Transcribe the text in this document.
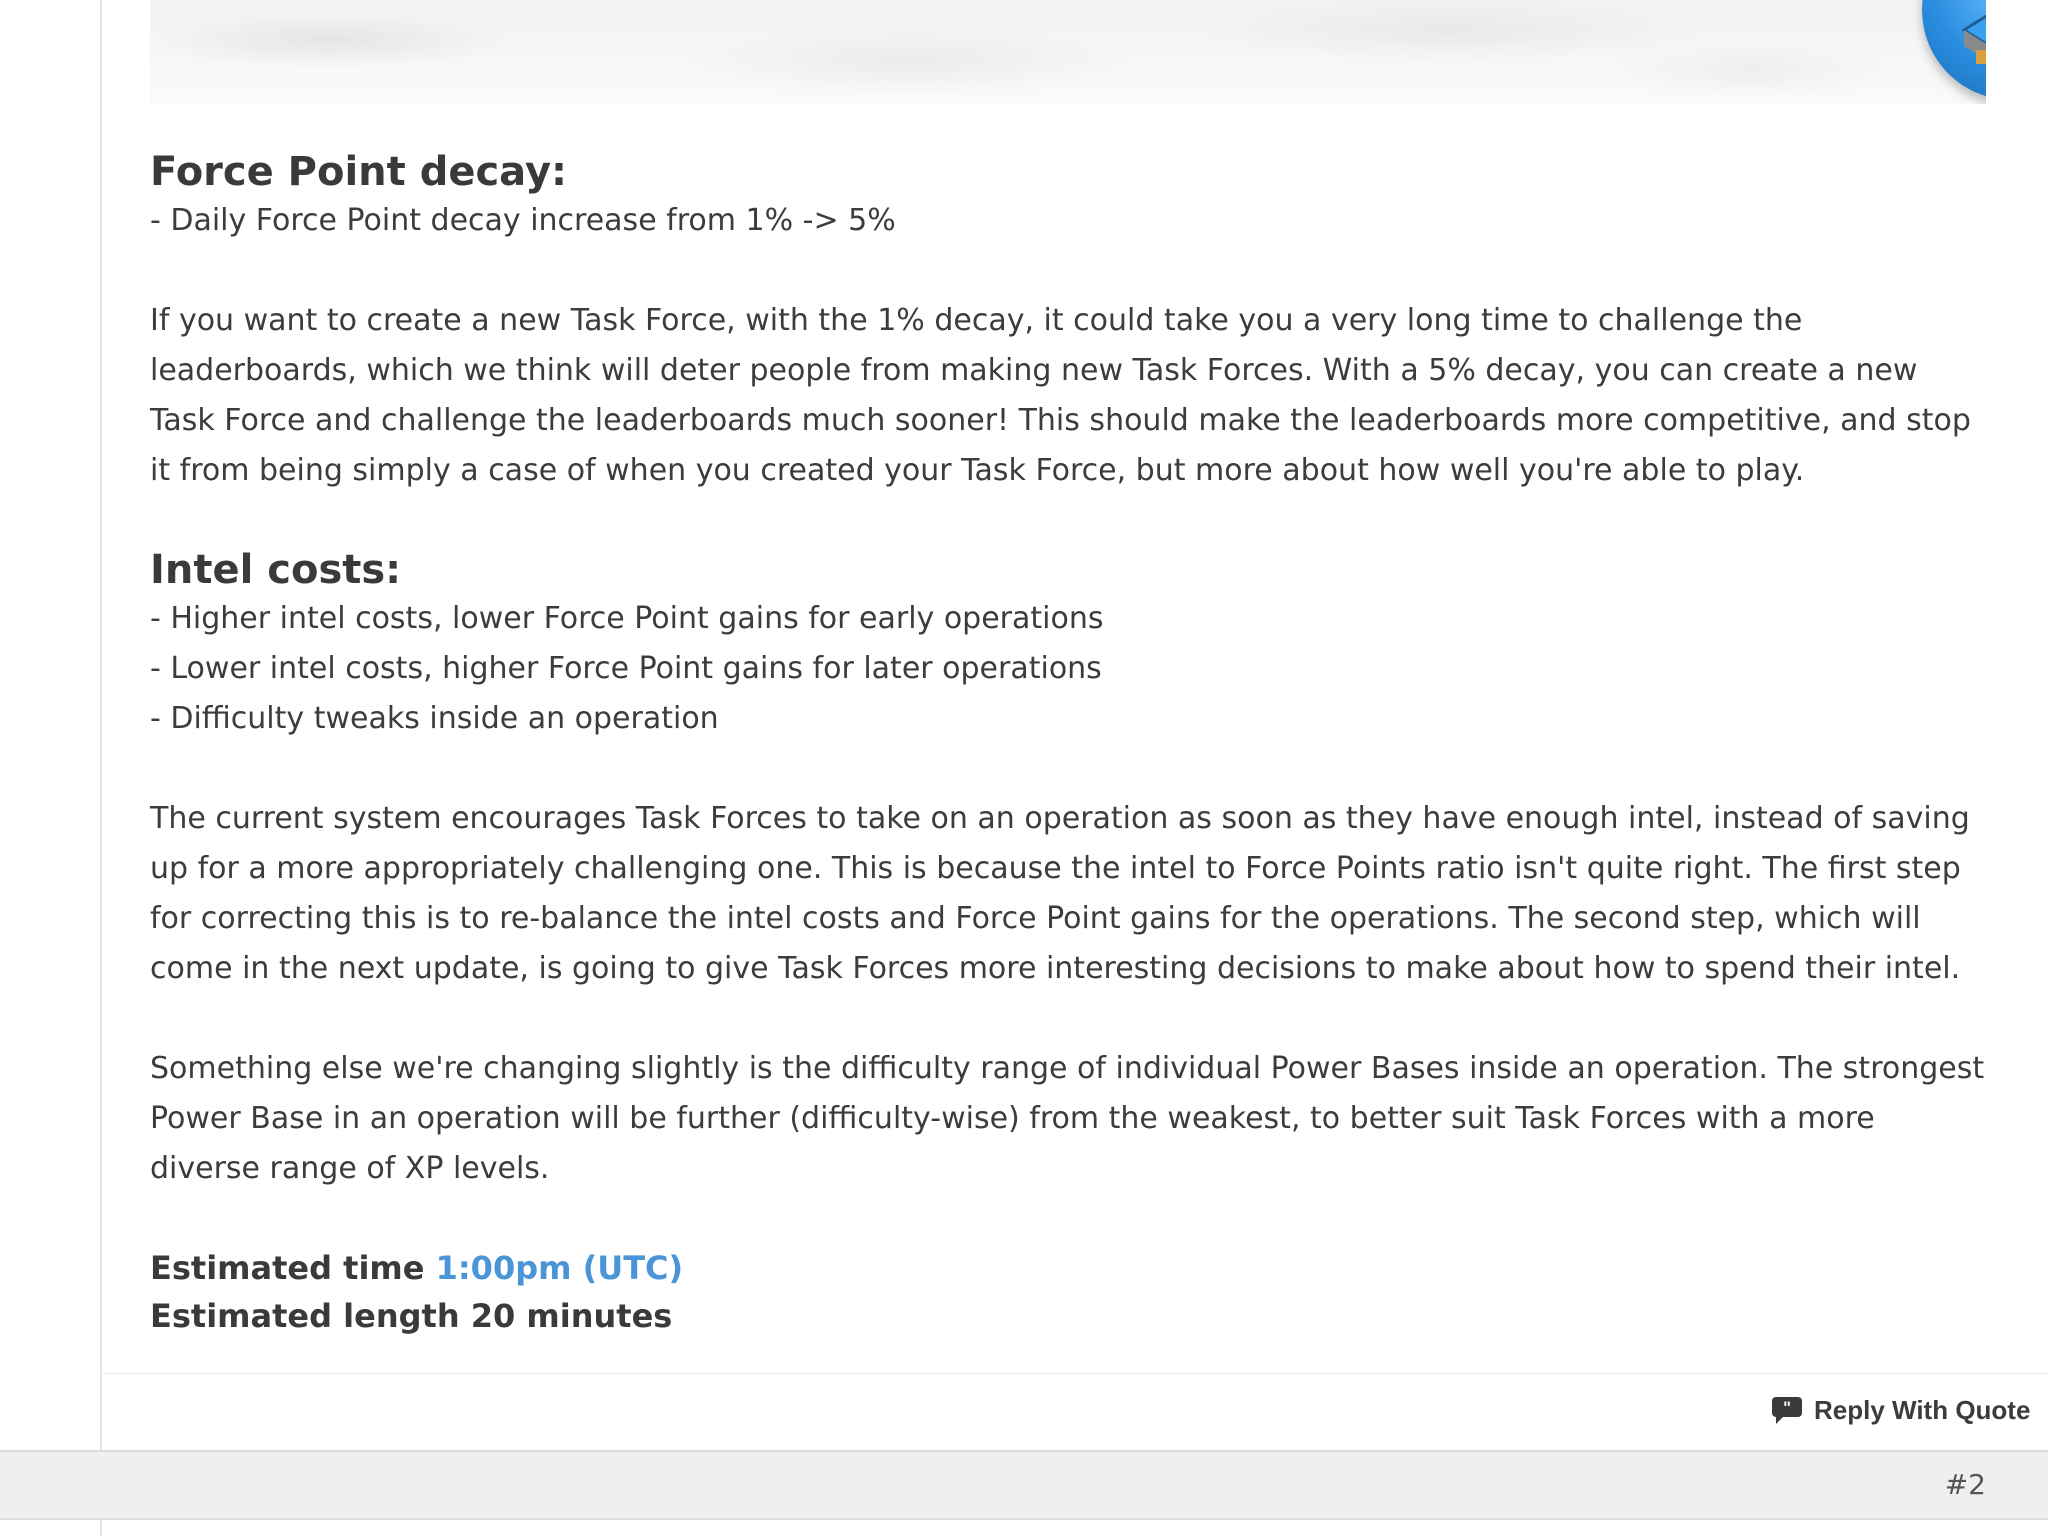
Force Point decay:

- Daily Force Point decay increase from 1% -> 5%

If you want to create a new Task Force, with the 1% decay, it could take you a very long time to challenge the leaderboards, which we think will deter people from making new Task Forces. With a 5% decay, you can create a new Task Force and challenge the leaderboards much sooner! This should make the leaderboards more competitive, and stop it from being simply a case of when you created your Task Force, but more about how well you're able to play.

Intel costs:

- Higher intel costs, lower Force Point gains for early operations

- Lower intel costs, higher Force Point gains for later operations

- Difficulty tweaks inside an operation

The current system encourages Task Forces to take on an operation as soon as they have enough intel, instead of saving up for a more appropriately challenging one. This is because the intel to Force Points ratio isn't quite right. The first step for correcting this is to re-balance the intel costs and Force Point gains for the operations. The second step, which will come in the next update, is going to give Task Forces more interesting decisions to make about how to spend their intel.

Something else we're changing slightly is the difficulty range of individual Power Bases inside an operation. The strongest Power Base in an operation will be further (difficulty-wise) from the weakest, to better suit Task Forces with a more diverse range of XP levels.

Estimated time 1:00pm (UTC)

Estimated length 20 minutes

" Reply With Quote
#2
